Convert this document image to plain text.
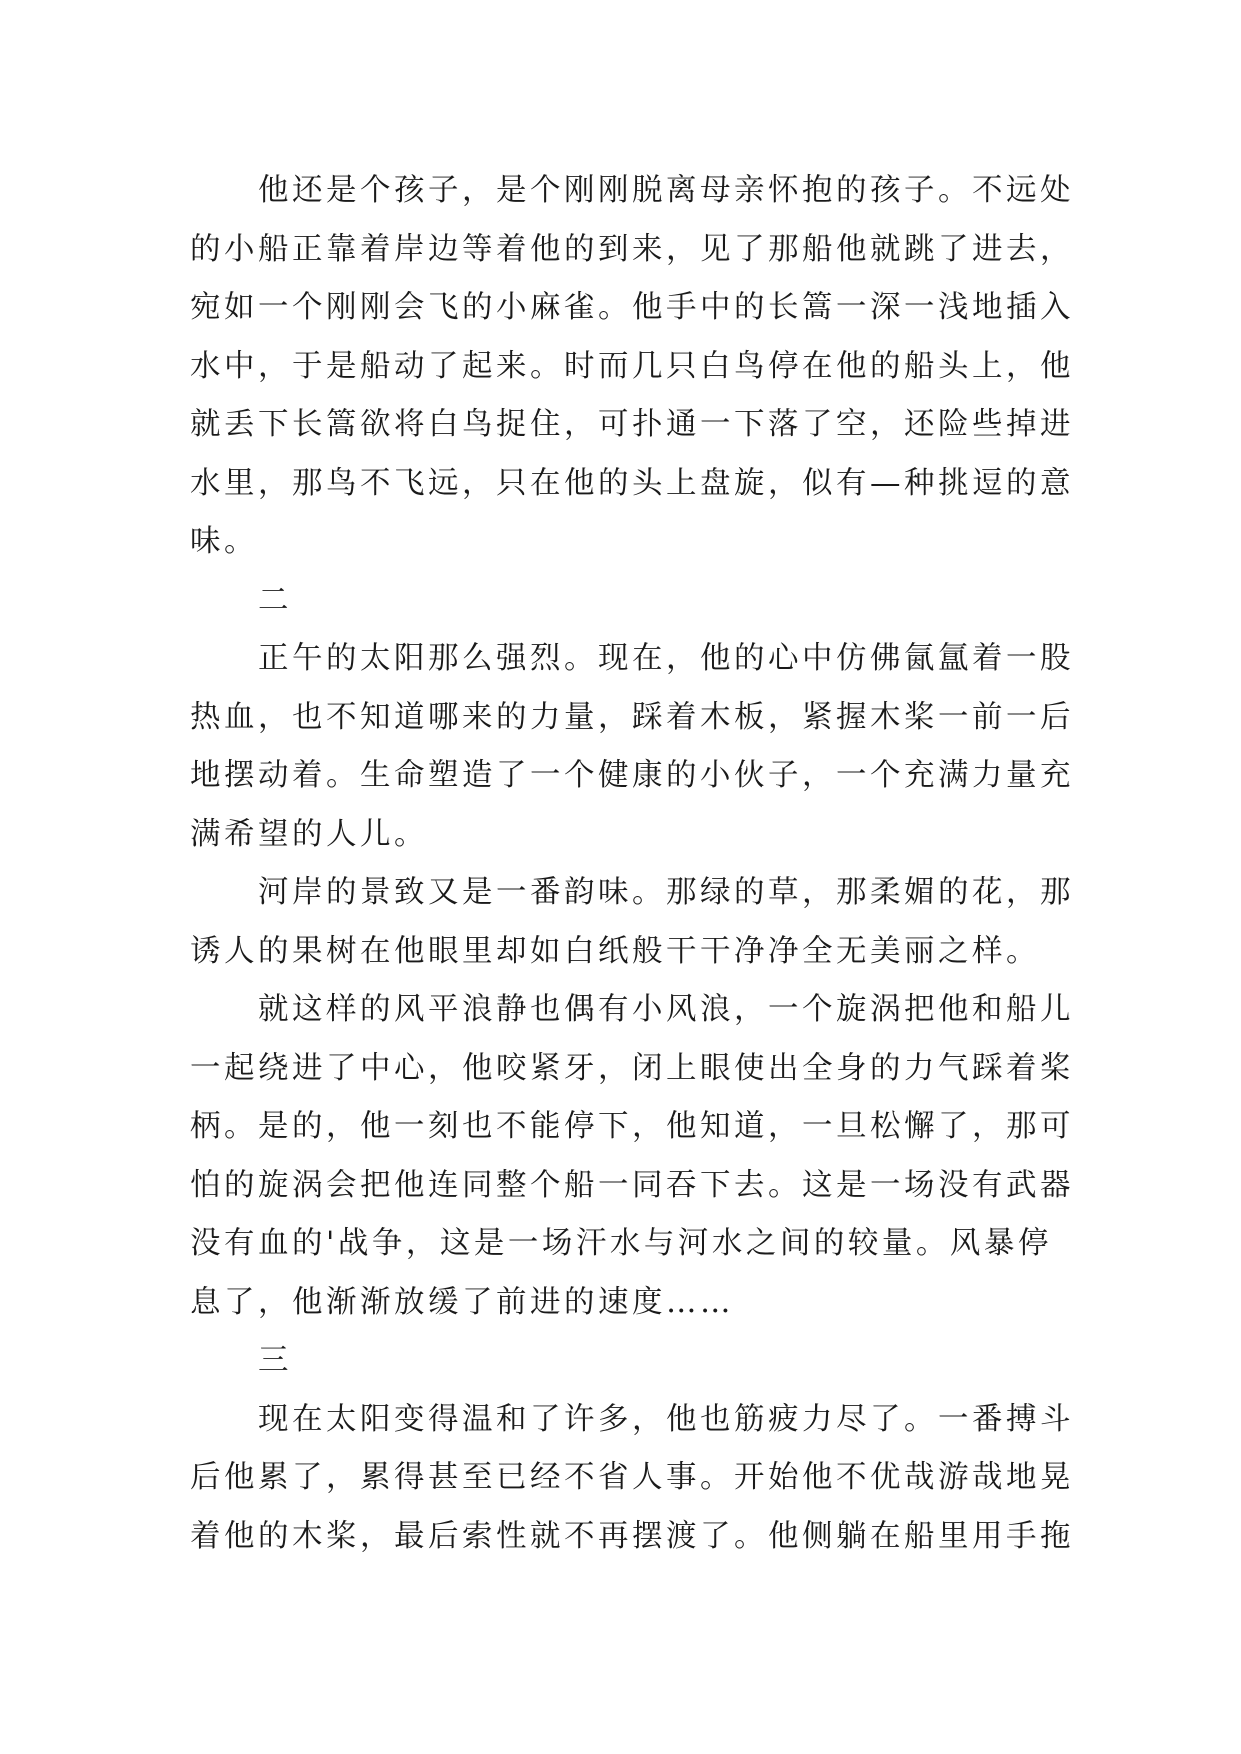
他还是个孩子，是个刚刚脱离母亲怀抱的孩子。不远处
的小船正靠着岸边等着他的到来，见了那船他就跳了进去，
宛如一个刚刚会飞的小麻雀。他手中的长篙一深一浅地插入
水中，于是船动了起来。时而几只白鸟停在他的船头上，他
就丢下长篙欲将白鸟捉住，可扑通一下落了空，还险些掉进
水里，那鸟不飞远，只在他的头上盘旋，似有—种挑逗的意
味。
二
正午的太阳那么强烈。现在，他的心中仿佛氤氲着一股
热血，也不知道哪来的力量，踩着木板，紧握木桨一前一后
地摆动着。生命塑造了一个健康的小伙子，一个充满力量充
满希望的人儿。
河岸的景致又是一番韵味。那绿的草，那柔媚的花，那
诱人的果树在他眼里却如白纸般干干净净全无美丽之样。
就这样的风平浪静也偶有小风浪，一个旋涡把他和船儿
一起绕进了中心，他咬紧牙，闭上眼使出全身的力气踩着桨
柄。是的，他一刻也不能停下，他知道，一旦松懈了，那可
怕的旋涡会把他连同整个船一同吞下去。这是一场没有武器
没有血的'战争，这是一场汗水与河水之间的较量。风暴停
息了，他渐渐放缓了前进的速度……
三
现在太阳变得温和了许多，他也筋疲力尽了。一番搏斗
后他累了，累得甚至已经不省人事。开始他不优哉游哉地晃
着他的木桨，最后索性就不再摆渡了。他侧躺在船里用手拖
